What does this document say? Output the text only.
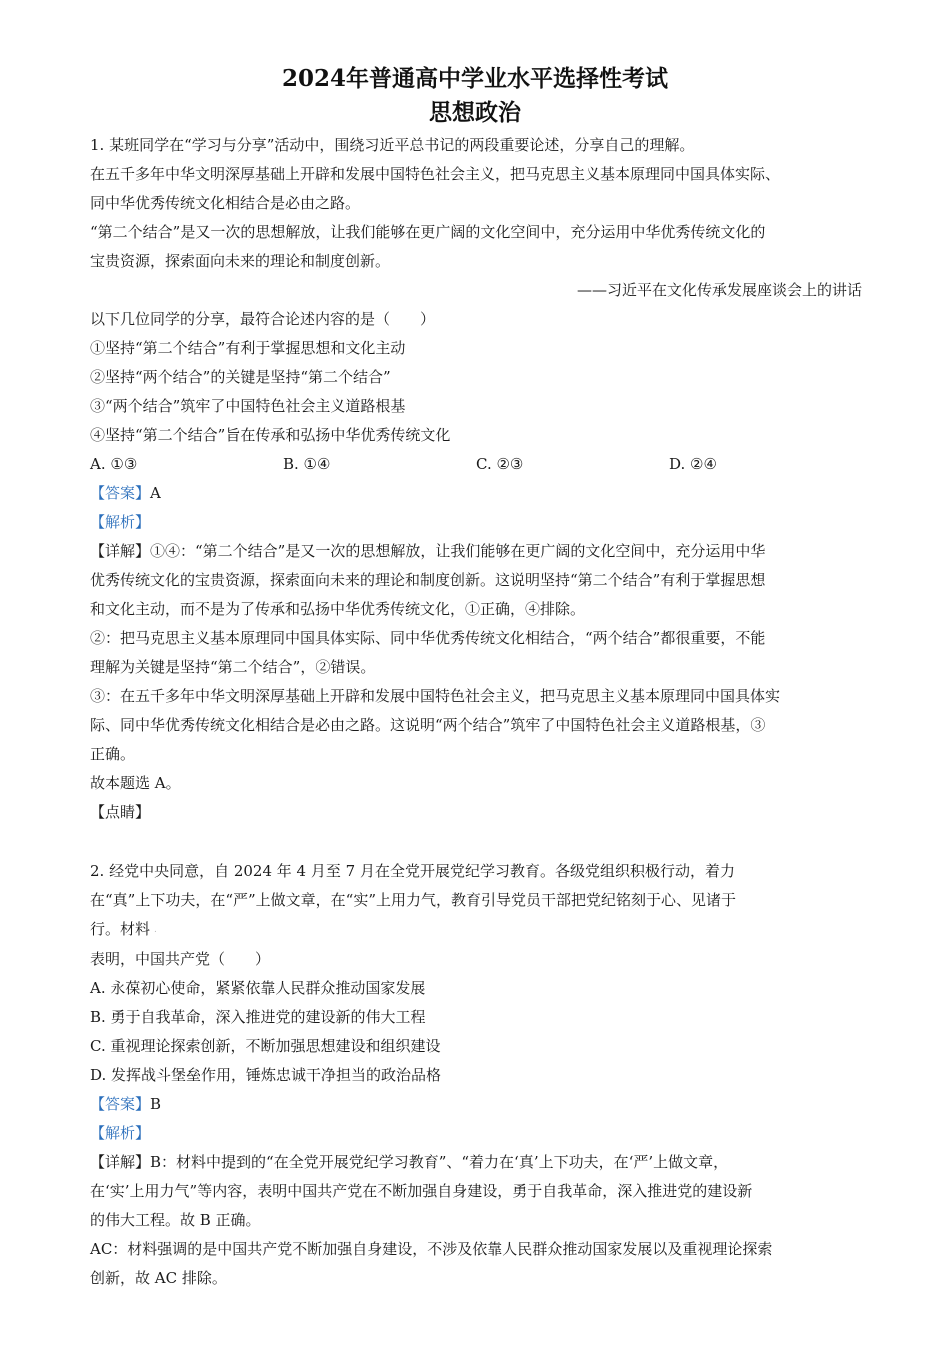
2024年普通高中学业水平选择性考试
思想政治

1. 某班同学在“学习与分享”活动中，围绕习近平总书记的两段重要论述，分享自己的理解。

在五千多年中华文明深厚基础上开辟和发展中国特色社会主义，把马克思主义基本原理同中国具体实际、

同中华优秀传统文化相结合是必由之路。

“第二个结合”是又一次的思想解放，让我们能够在更广阔的文化空间中，充分运用中华优秀传统文化的

宝贵资源，探索面向未来的理论和制度创新。

——习近平在文化传承发展座谈会上的讲话

以下几位同学的分享，最符合论述内容的是（　　）

①坚持“第二个结合”有利于掌握思想和文化主动

②坚持“两个结合”的关键是坚持“第二个结合”

③“两个结合”筑牢了中国特色社会主义道路根基

④坚持“第二个结合”旨在传承和弘扬中华优秀传统文化

A. ①③	B. ①④	C. ②③	D. ②④

【答案】A

【解析】

【详解】①④：“第二个结合”是又一次的思想解放，让我们能够在更广阔的文化空间中，充分运用中华

优秀传统文化的宝贵资源，探索面向未来的理论和制度创新。这说明坚持“第二个结合”有利于掌握思想

和文化主动，而不是为了传承和弘扬中华优秀传统文化，①正确，④排除。

②：把马克思主义基本原理同中国具体实际、同中华优秀传统文化相结合，“两个结合”都很重要，不能

理解为关键是坚持“第二个结合”，②错误。

③：在五千多年中华文明深厚基础上开辟和发展中国特色社会主义，把马克思主义基本原理同中国具体实

际、同中华优秀传统文化相结合是必由之路。这说明“两个结合”筑牢了中国特色社会主义道路根基，③

正确。

故本题选 A。

【点睛】

2. 经党中央同意，自 2024 年 4 月至 7 月在全党开展党纪学习教育。各级党组织积极行动，着力

在“真”上下功夫，在“严”上做文章，在“实”上用力气，教育引导党员干部把党纪铭刻于心、见诸于

行。材料 .

表明，中国共产党（　　）

A. 永葆初心使命，紧紧依靠人民群众推动国家发展

B. 勇于自我革命，深入推进党的建设新的伟大工程

C. 重视理论探索创新，不断加强思想建设和组织建设

D. 发挥战斗堡垒作用，锤炼忠诚干净担当的政治品格

【答案】B

【解析】

【详解】B：材料中提到的“在全党开展党纪学习教育”、“着力在‘真’上下功夫，在‘严’上做文章，

在‘实’上用力气”等内容，表明中国共产党在不断加强自身建设，勇于自我革命，深入推进党的建设新

的伟大工程。故 B 正确。

AC：材料强调的是中国共产党不断加强自身建设，不涉及依靠人民群众推动国家发展以及重视理论探索

创新，故 AC 排除。
